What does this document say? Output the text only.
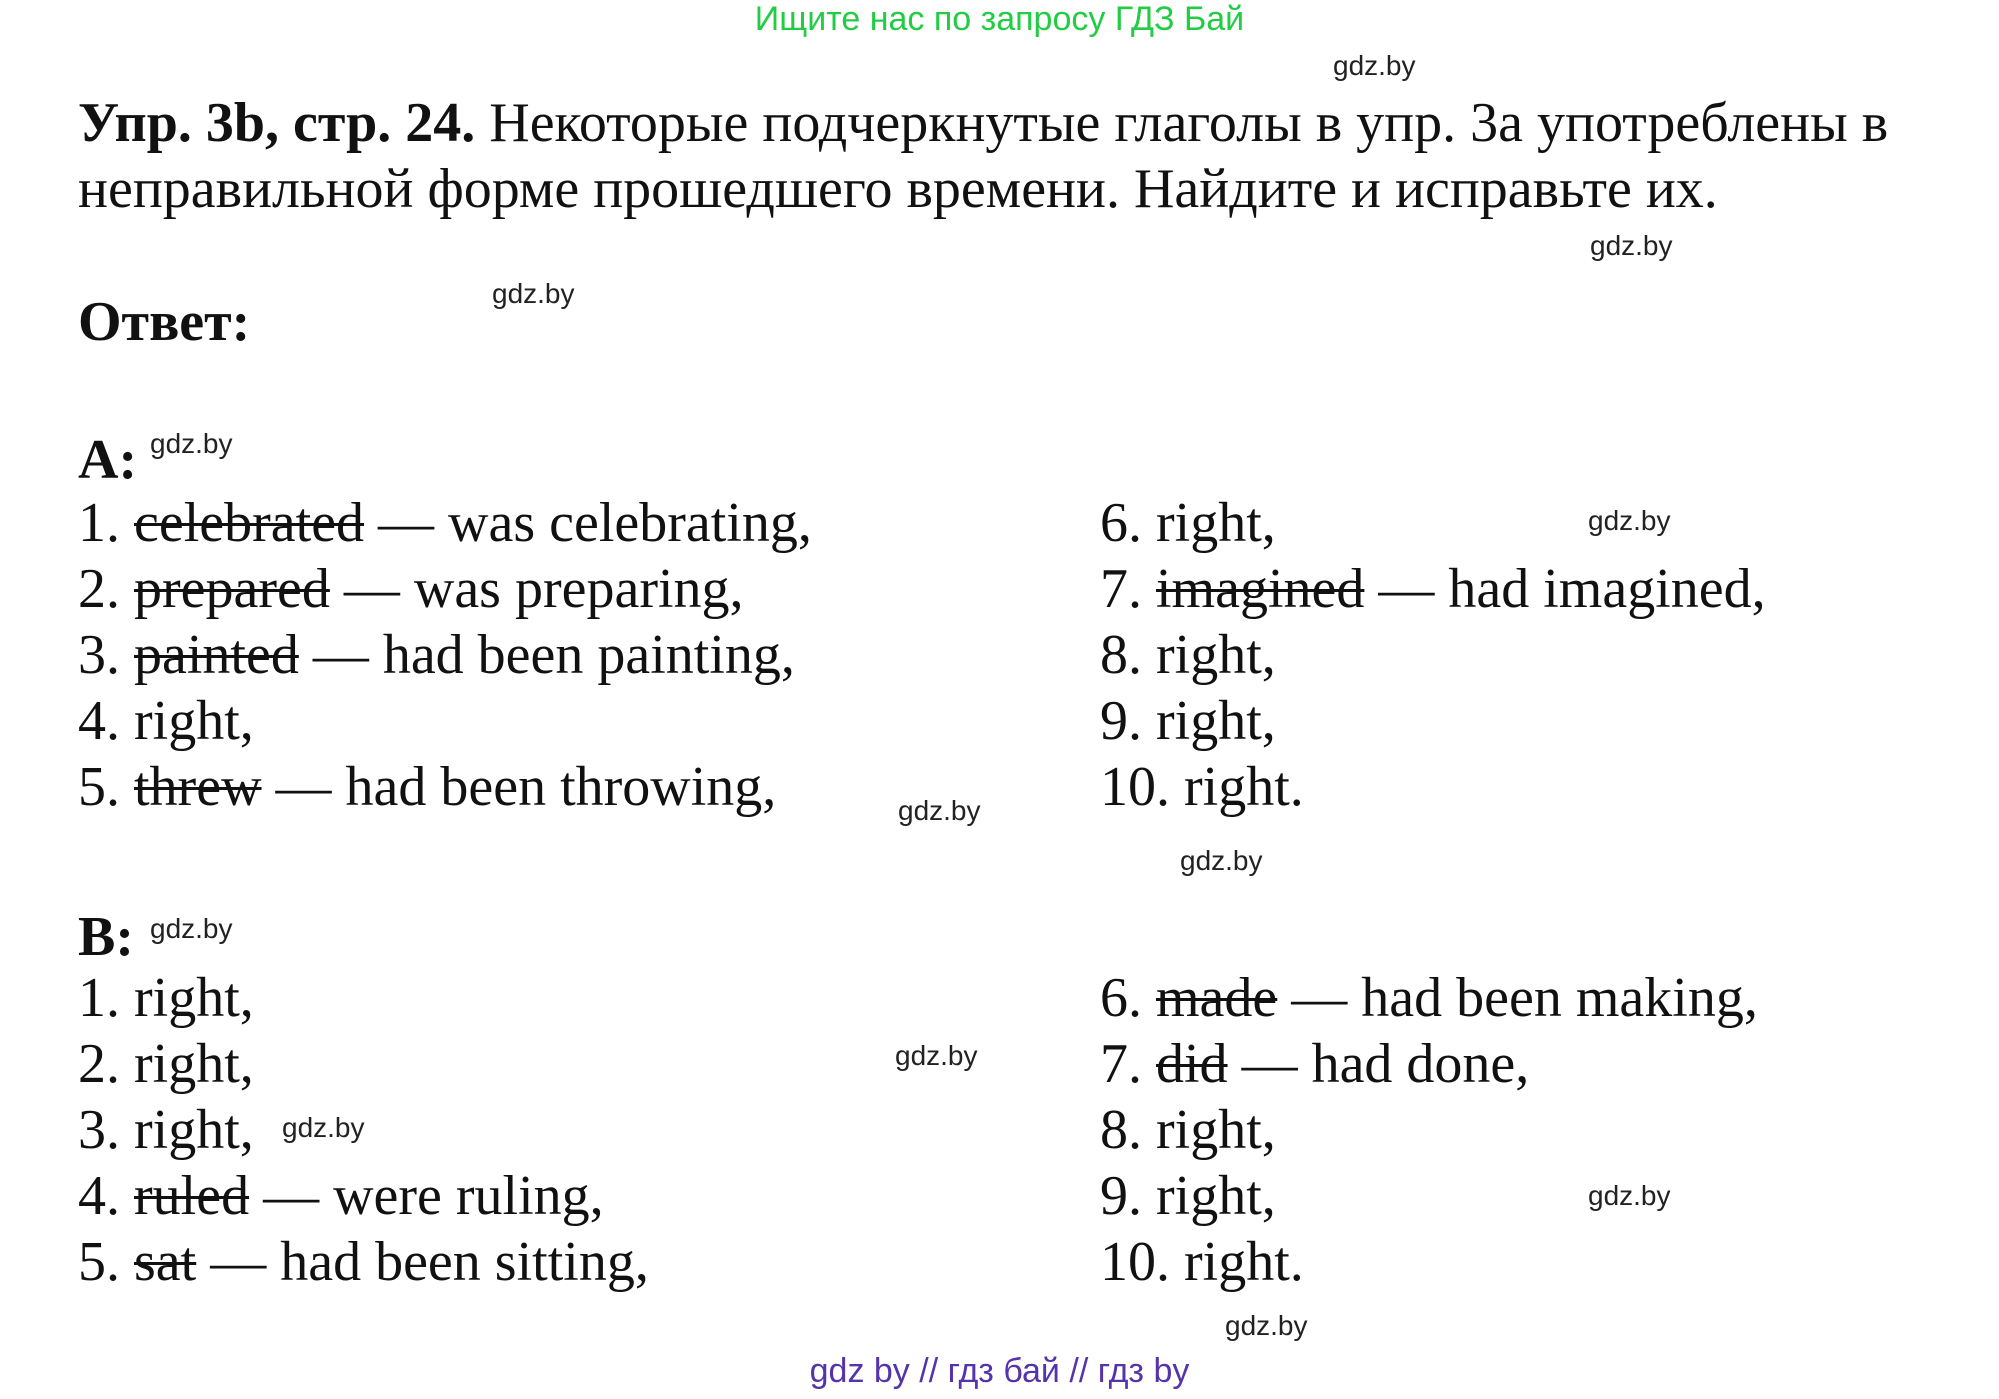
Ищите нас по запросу ГДЗ Бай
gdz.by
Упр. 3b, стр. 24. Некоторые подчеркнутые глаголы в упр. 3а употреблены в неправильной форме прошедшего времени. Найдите и исправьте их.
gdz.by
Ответ:	gdz.by
A: gdz.by
1. celebrated — was celebrating,
2. prepared — was preparing,
3. painted — had been painting,
4. right,
5. threw — had been throwing,
6. right,
7. imagined — had imagined,
8. right,
9. right,
10. right.
gdz.by
gdz.by
gdz.by
B: gdz.by
1. right,
2. right,
3. right,
4. ruled — were ruling,
5. sat — had been sitting,
6. made — had been making,
7. did — had done,
8. right,
9. right,
10. right.
gdz.by
gdz.by
gdz.by
gdz.by
gdz by // гдз бай // гдз by
